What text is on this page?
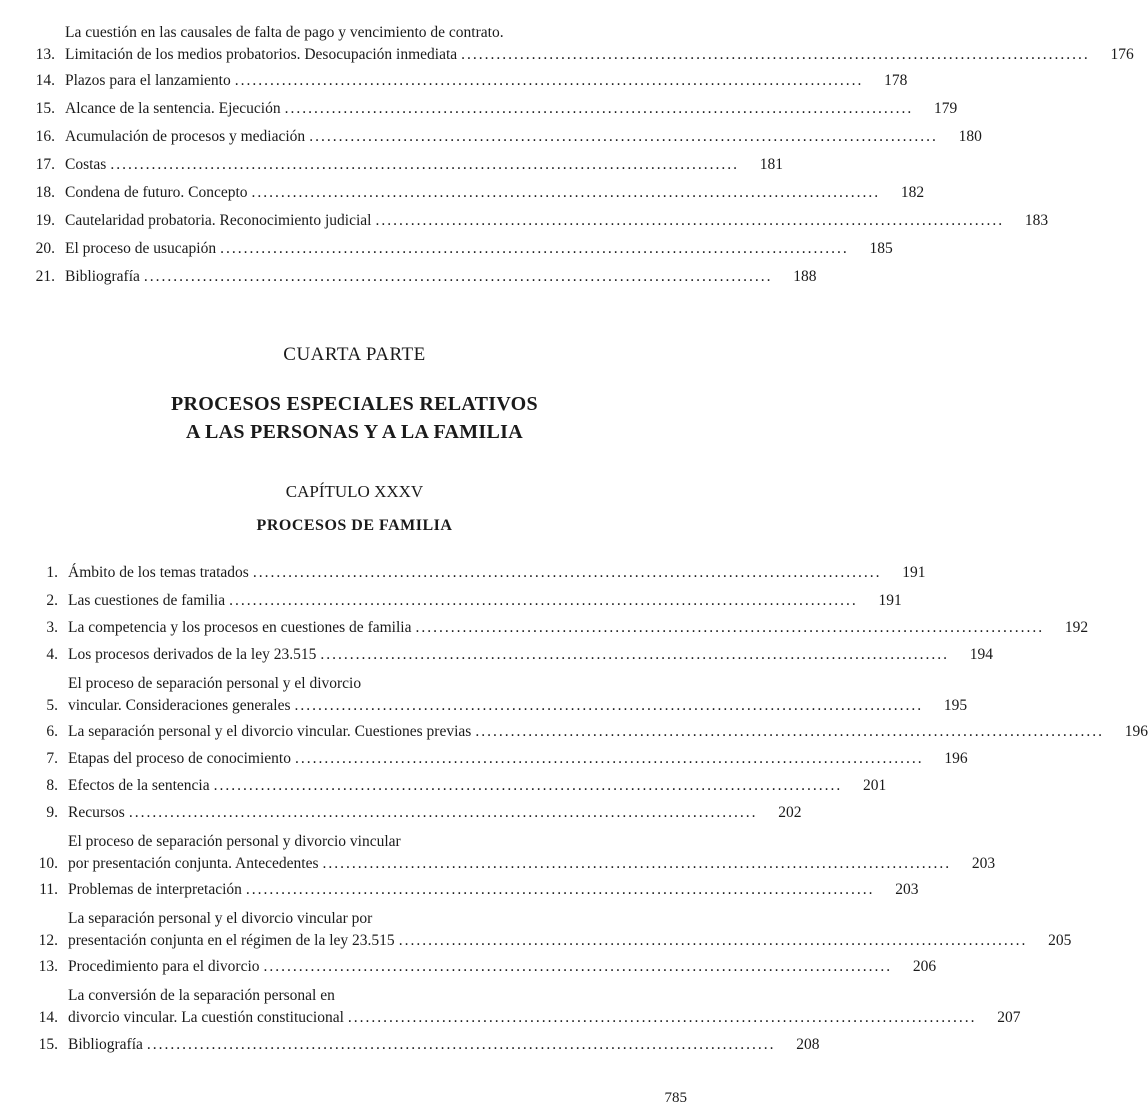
13.
La cuestión en las causales de falta de pago y vencimiento de contrato.
Limitación de los medios probatorios. Desocupación inmediata ...........................................................................................................	176
14. Plazos para el lanzamiento ...........................................................................................................	178
15. Alcance de la sentencia. Ejecución ...........................................................................................................	179
16. Acumulación de procesos y mediación ...........................................................................................................	180
17. Costas ...........................................................................................................	181
18. Condena de futuro. Concepto ...........................................................................................................	182
19. Cautelaridad probatoria. Reconocimiento judicial ...........................................................................................................	183
20. El proceso de usucapión ...........................................................................................................	185
21. Bibliografía ...........................................................................................................	188
CUARTA PARTE
PROCESOS ESPECIALES RELATIVOS
A LAS PERSONAS Y A LA FAMILIA
CAPÍTULO XXXV
PROCESOS DE FAMILIA
1. Ámbito de los temas tratados ...........................................................................................................	191
2. Las cuestiones de familia ...........................................................................................................	191
3. La competencia y los procesos en cuestiones de familia ...........................................................................................................	192
4. Los procesos derivados de la ley 23.515 ...........................................................................................................	194
5.
El proceso de separación personal y el divorcio
vincular. Consideraciones generales ...........................................................................................................	195
6. La separación personal y el divorcio vincular. Cuestiones previas ...........................................................................................................	196
7. Etapas del proceso de conocimiento ...........................................................................................................	196
8. Efectos de la sentencia ...........................................................................................................	201
9. Recursos ...........................................................................................................	202
10.
El proceso de separación personal y divorcio vincular
por presentación conjunta. Antecedentes ...........................................................................................................	203
11. Problemas de interpretación ...........................................................................................................	203
12.
La separación personal y el divorcio vincular por
presentación conjunta en el régimen de la ley 23.515 ...........................................................................................................	205
13. Procedimiento para el divorcio ...........................................................................................................	206
14.
La conversión de la separación personal en
divorcio vincular. La cuestión constitucional ...........................................................................................................	207
15. Bibliografía ...........................................................................................................	208
785
